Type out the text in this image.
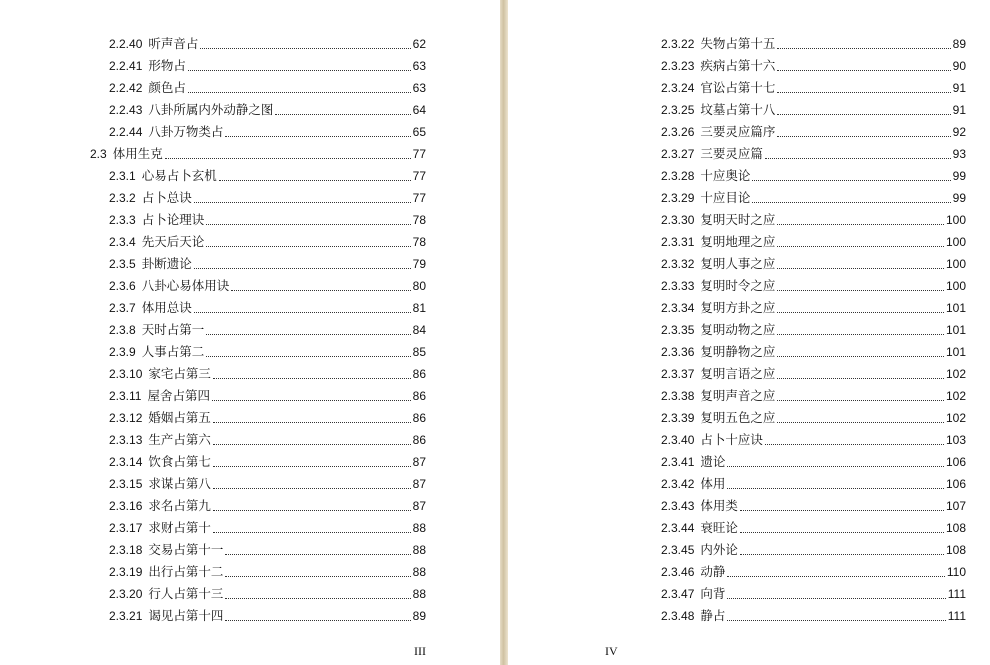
2.2.40 听声音占	62
2.2.41 形物占	63
2.2.42 颜色占	63
2.2.43 八卦所属内外动静之图	64
2.2.44 八卦万物类占	65
2.3 体用生克	77
2.3.1 心易占卜玄机	77
2.3.2 占卜总诀	77
2.3.3 占卜论理诀	78
2.3.4 先天后天论	78
2.3.5 卦断遗论	79
2.3.6 八卦心易体用诀	80
2.3.7 体用总诀	81
2.3.8 天时占第一	84
2.3.9 人事占第二	85
2.3.10 家宅占第三	86
2.3.11 屋舍占第四	86
2.3.12 婚姻占第五	86
2.3.13 生产占第六	86
2.3.14 饮食占第七	87
2.3.15 求谋占第八	87
2.3.16 求名占第九	87
2.3.17 求财占第十	88
2.3.18 交易占第十一	88
2.3.19 出行占第十二	88
2.3.20 行人占第十三	88
2.3.21 谒见占第十四	89
III
2.3.22 失物占第十五	89
2.3.23 疾病占第十六	90
2.3.24 官讼占第十七	91
2.3.25 坟墓占第十八	91
2.3.26 三要灵应篇序	92
2.3.27 三要灵应篇	93
2.3.28 十应奥论	99
2.3.29 十应目论	99
2.3.30 复明天时之应	100
2.3.31 复明地理之应	100
2.3.32 复明人事之应	100
2.3.33 复明时令之应	100
2.3.34 复明方卦之应	101
2.3.35 复明动物之应	101
2.3.36 复明静物之应	101
2.3.37 复明言语之应	102
2.3.38 复明声音之应	102
2.3.39 复明五色之应	102
2.3.40 占卜十应诀	103
2.3.41 遗论	106
2.3.42 体用	106
2.3.43 体用类	107
2.3.44 衰旺论	108
2.3.45 内外论	108
2.3.46 动静	110
2.3.47 向背	111
2.3.48 静占	111
IV
